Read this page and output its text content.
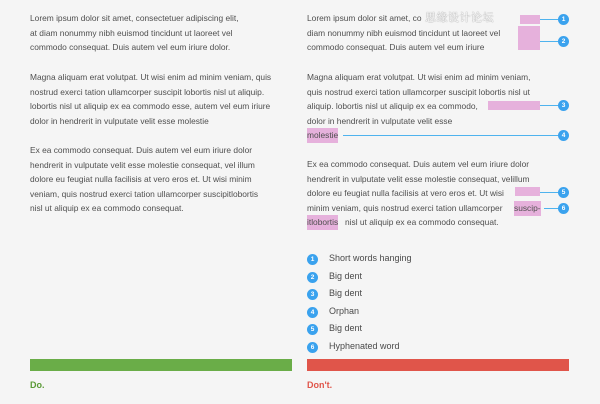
Lorem ipsum dolor sit amet, consectetuer adipiscing elit,
at diam nonummy nibh euismod tincidunt ut laoreet vel
commodo consequat. Duis autem vel eum iriure dolor.
Magna aliquam erat volutpat. Ut wisi enim ad minim veniam, quis
nostrud exerci tation ullamcorper suscipit lobortis nisl ut aliquip.
lobortis nisl ut aliquip ex ea commodo esse, autem vel eum iriure
dolor in hendrerit in vulputate velit esse molestie
Ex ea commodo consequat. Duis autem vel eum iriure dolor
hendrerit in vulputate velit esse molestie consequat, vel illum
dolore eu feugiat nulla facilisis at vero eros et. Ut wisi minim
veniam, quis nostrud exerci tation ullamcorper suscipitlobortis
nisl ut aliquip ex ea commodo consequat.
Lorem ipsum dolor sit amet, co
diam nonummy nibh euismod tincidunt ut laoreet vel
commodo consequat. Duis autem vel eum iriure
Magna aliquam erat volutpat. Ut wisi enim ad minim veniam,
quis nostrud exerci tation ullamcorper suscipit lobortis nisl ut
aliquip. lobortis nisl ut aliquip ex ea commodo,
dolor in hendrerit in vulputate velit esse
Ex ea commodo consequat. Duis autem vel eum iriure dolor
hendrerit in vulputate velit esse molestie consequat, velillum
dolore eu feugiat nulla facilisis at vero eros et. Ut wisi
minim veniam, quis nostrud exerci tation ullamcorper
nisl ut aliquip ex ea commodo consequat.
思缘设计论坛
molestie
suscip-
itlobortis
1
2
3
4
5
6
1	Short words hanging
2	Big dent
3	Big dent
4	Orphan
5	Big dent
6	Hyphenated word
Do.	Don't.
